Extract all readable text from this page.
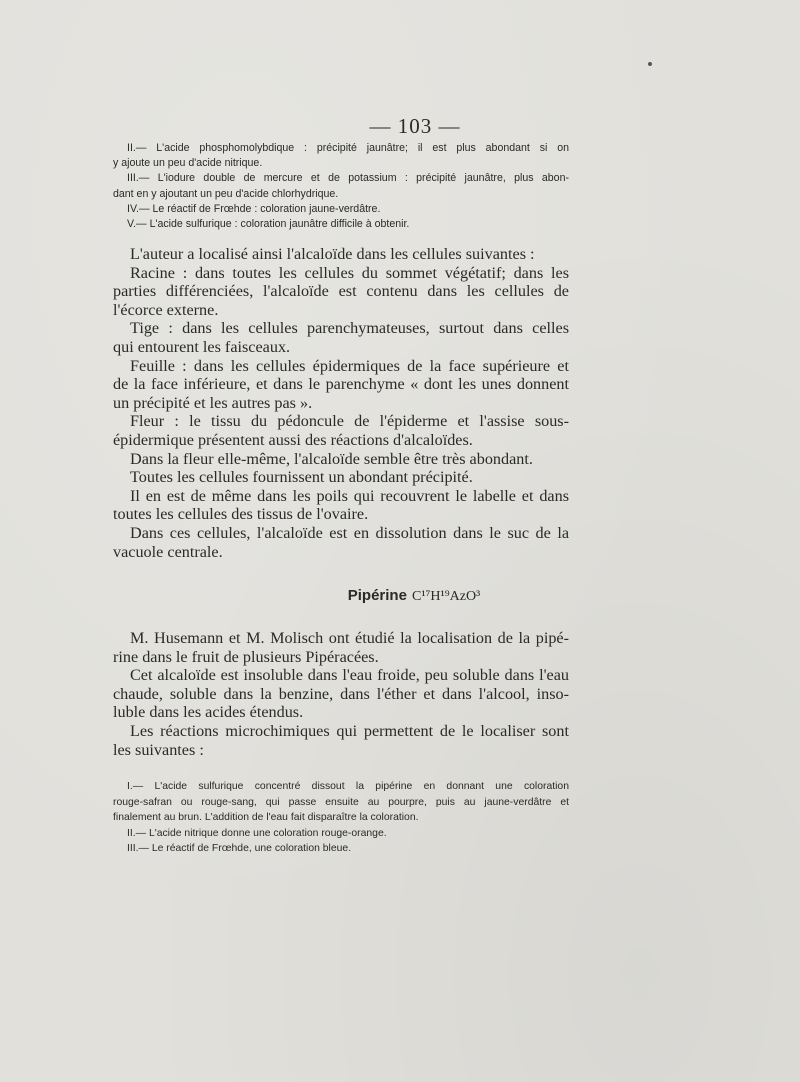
— 103 —
II.— L'acide phosphomolybdique : précipité jaunâtre; il est plus abondant si on
y ajoute un peu d'acide nitrique.
III.— L'iodure double de mercure et de potassium : précipité jaunâtre, plus abon-
dant en y ajoutant un peu d'acide chlorhydrique.
IV.— Le réactif de Frœhde : coloration jaune-verdâtre.
V.— L'acide sulfurique : coloration jaunâtre difficile à obtenir.
L'auteur a localisé ainsi l'alcaloïde dans les cellules suivantes :
Racine : dans toutes les cellules du sommet végétatif; dans les
parties différenciées, l'alcaloïde est contenu dans les cellules de
l'écorce externe.
Tige : dans les cellules parenchymateuses, surtout dans celles
qui entourent les faisceaux.
Feuille : dans les cellules épidermiques de la face supérieure et
de la face inférieure, et dans le parenchyme « dont les unes donnent
un précipité et les autres pas ».
Fleur : le tissu du pédoncule de l'épiderme et l'assise sous-
épidermique présentent aussi des réactions d'alcaloïdes.
Dans la fleur elle-même, l'alcaloïde semble être très abondant.
Toutes les cellules fournissent un abondant précipité.
Il en est de même dans les poils qui recouvrent le labelle et dans
toutes les cellules des tissus de l'ovaire.
Dans ces cellules, l'alcaloïde est en dissolution dans le suc de la
vacuole centrale.
Pipérine C¹⁷H¹⁹AzO³
M. Husemann et M. Molisch ont étudié la localisation de la pipé-
rine dans le fruit de plusieurs Pipéracées.
Cet alcaloïde est insoluble dans l'eau froide, peu soluble dans l'eau
chaude, soluble dans la benzine, dans l'éther et dans l'alcool, inso-
luble dans les acides étendus.
Les réactions microchimiques qui permettent de le localiser sont
les suivantes :
I.— L'acide sulfurique concentré dissout la pipérine en donnant une coloration
rouge-safran ou rouge-sang, qui passe ensuite au pourpre, puis au jaune-verdâtre et
finalement au brun. L'addition de l'eau fait disparaître la coloration.
II.— L'acide nitrique donne une coloration rouge-orange.
III.— Le réactif de Frœhde, une coloration bleue.
